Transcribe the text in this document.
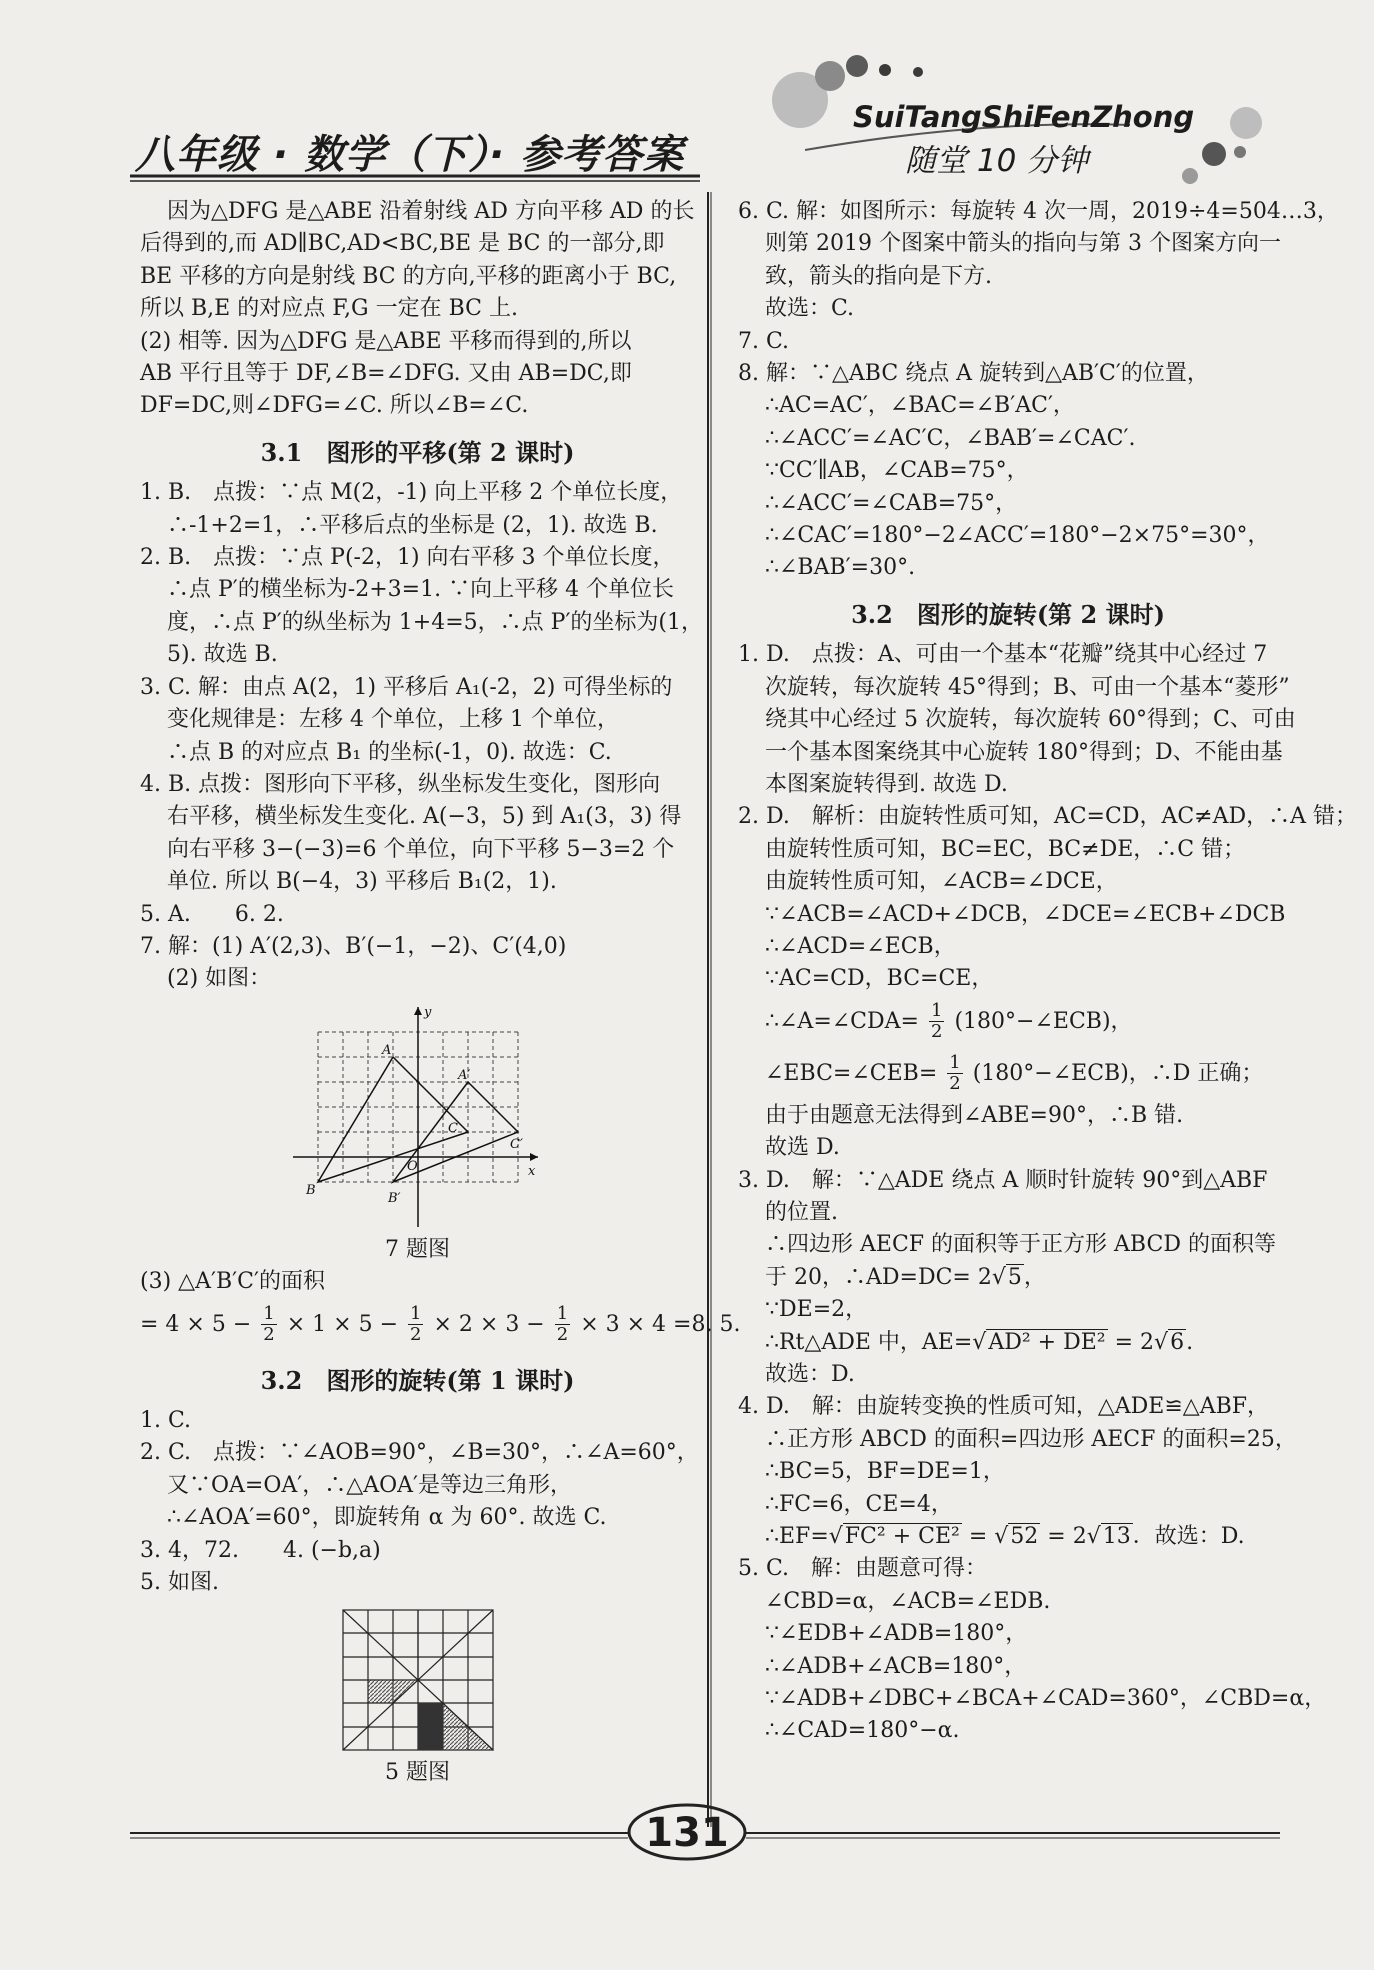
八年级 · 数学（下）· 参考答案
SuiTangShiFenZhong
随堂 10 分钟
因为△DFG 是△ABE 沿着射线 AD 方向平移 AD 的长
后得到的,而 AD∥BC,AD<BC,BE 是 BC 的一部分,即
BE 平移的方向是射线 BC 的方向,平移的距离小于 BC,
所以 B,E 的对应点 F,G 一定在 BC 上.
(2) 相等. 因为△DFG 是△ABE 平移而得到的,所以
AB 平行且等于 DF,∠B=∠DFG. 又由 AB=DC,即
DF=DC,则∠DFG=∠C. 所以∠B=∠C.
3.1　图形的平移(第 2 课时)
1. B.　点拨：∵点 M(2，-1) 向上平移 2 个单位长度，
∴-1+2=1，∴平移后点的坐标是 (2，1). 故选 B.
2. B.　点拨：∵点 P(-2，1) 向右平移 3 个单位长度，
∴点 P′的横坐标为-2+3=1. ∵向上平移 4 个单位长
度，∴点 P′的纵坐标为 1+4=5，∴点 P′的坐标为(1，
5). 故选 B.
3. C. 解：由点 A(2，1) 平移后 A₁(-2，2) 可得坐标的
变化规律是：左移 4 个单位，上移 1 个单位，
∴点 B 的对应点 B₁ 的坐标(-1，0). 故选：C.
4. B. 点拨：图形向下平移，纵坐标发生变化，图形向
右平移，横坐标发生变化. A(−3，5) 到 A₁(3，3) 得
向右平移 3−(−3)=6 个单位，向下平移 5−3=2 个
单位. 所以 B(−4，3) 平移后 B₁(2，1).
5. A.　　6. 2.
7. 解：(1) A′(2,3)、B′(−1，−2)、C′(4,0)
(2) 如图：
y
x
A
A′
B
B′
C
C′
O
7 题图
(3) △A′B′C′的面积
= $4 \times 5 - \frac{1}{2} \times 1 \times 5 - \frac{1}{2} \times 2 \times 3 - \frac{1}{2} \times 3 \times 4 =8$. 5.
3.2　图形的旋转(第 1 课时)
1. C.
2. C.　点拨：∵∠AOB=90°，∠B=30°，∴∠A=60°，
又∵OA=OA′，∴△AOA′是等边三角形，
∴∠AOA′=60°，即旋转角 α 为 60°. 故选 C.
3. 4，72.　　4. (−b,a)
5. 如图.
5 题图
6. C. 解：如图所示：每旋转 4 次一周，2019÷4=504…3，
则第 2019 个图案中箭头的指向与第 3 个图案方向一
致，箭头的指向是下方.
故选：C.
7. C.
8. 解：∵△ABC 绕点 A 旋转到△AB′C′的位置，
∴AC=AC′，∠BAC=∠B′AC′，
∴∠ACC′=∠AC′C，∠BAB′=∠CAC′.
∵CC′∥AB，∠CAB=75°，
∴∠ACC′=∠CAB=75°，
∴∠CAC′=180°−2∠ACC′=180°−2×75°=30°，
∴∠BAB′=30°.
3.2　图形的旋转(第 2 课时)
1. D.　点拨：A、可由一个基本“花瓣”绕其中心经过 7
次旋转，每次旋转 45°得到；B、可由一个基本“菱形”
绕其中心经过 5 次旋转，每次旋转 60°得到；C、可由
一个基本图案绕其中心旋转 180°得到；D、不能由基
本图案旋转得到. 故选 D.
2. D.　解析：由旋转性质可知，AC=CD，AC≠AD，∴A 错；
由旋转性质可知，BC=EC，BC≠DE，∴C 错；
由旋转性质可知，∠ACB=∠DCE，
∵∠ACB=∠ACD+∠DCB，∠DCE=∠ECB+∠DCB
∴∠ACD=∠ECB，
∵AC=CD，BC=CE，
∴∠A=∠CDA= $\frac{1}{2}$ (180°−∠ECB)，
∠EBC=∠CEB= $\frac{1}{2}$ (180°−∠ECB)，∴D 正确；
由于由题意无法得到∠ABE=90°，∴B 错.
故选 D.
3. D.　解：∵△ADE 绕点 A 顺时针旋转 90°到△ABF
的位置.
∴四边形 AECF 的面积等于正方形 ABCD 的面积等
于 20，∴AD=DC= 2√5，
∵DE=2，
∴Rt△ADE 中，AE=√AD² + DE² = 2√6.
故选：D.
4. D.　解：由旋转变换的性质可知，△ADE≌△ABF，
∴正方形 ABCD 的面积=四边形 AECF 的面积=25，
∴BC=5，BF=DE=1，
∴FC=6，CE=4，
∴EF=√FC² + CE² = √52 = 2√13．故选：D.
5. C.　解：由题意可得：
∠CBD=α，∠ACB=∠EDB.
∵∠EDB+∠ADB=180°，
∴∠ADB+∠ACB=180°，
∵∠ADB+∠DBC+∠BCA+∠CAD=360°，∠CBD=α，
∴∠CAD=180°−α.
131
